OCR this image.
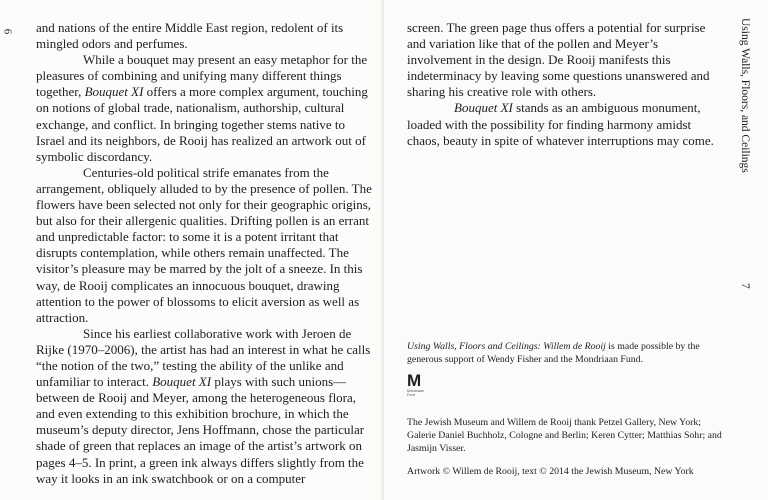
6 and nations of the entire Middle East region, redolent of its mingled odors and perfumes.

While a bouquet may present an easy metaphor for the pleasures of combining and unifying many different things together, Bouquet XI offers a more complex argument, touching on notions of global trade, nationalism, authorship, cultural exchange, and conflict. In bringing together stems native to Israel and its neighbors, de Rooij has realized an artwork out of symbolic discordancy.

Centuries-old political strife emanates from the arrangement, obliquely alluded to by the presence of pollen. The flowers have been selected not only for their geographic origins, but also for their allergenic qualities. Drifting pollen is an errant and unpredictable factor: to some it is a potent irritant that disrupts contemplation, while others remain unaffected. The visitor’s pleasure may be marred by the jolt of a sneeze. In this way, de Rooij complicates an innocuous bouquet, drawing attention to the power of blossoms to elicit aversion as well as attraction.

Since his earliest collaborative work with Jeroen de Rijke (1970–2006), the artist has had an interest in what he calls “the notion of the two,” testing the ability of the unlike and unfamiliar to interact. Bouquet XI plays with such unions—between de Rooij and Meyer, among the heterogeneous flora, and even extending to this exhibition brochure, in which the museum’s deputy director, Jens Hoffmann, chose the particular shade of green that replaces an image of the artist’s artwork on pages 4–5. In print, a green ink always differs slightly from the way it looks in an ink swatchbook or on a computer

screen. The green page thus offers a potential for surprise and variation like that of the pollen and Meyer’s involvement in the design. De Rooij manifests this indeterminacy by leaving some questions unanswered and sharing his creative role with others.

Bouquet XI stands as an ambiguous monument, loaded with the possibility for finding harmony amidst chaos, beauty in spite of whatever interruptions may come.	Using Walls, Floors, and Ceilings
7

Using Walls, Floors and Ceilings: Willem de Rooij is made possible by the generous support of Wendy Fisher and the Mondriaan Fund.

M
Mondriaan Fund

The Jewish Museum and Willem de Rooij thank Petzel Gallery, New York; Galerie Daniel Buchholz, Cologne and Berlin; Keren Cytter; Matthias Sohr; and Jasmijn Visser.

Artwork © Willem de Rooij, text © 2014 the Jewish Museum, New York
